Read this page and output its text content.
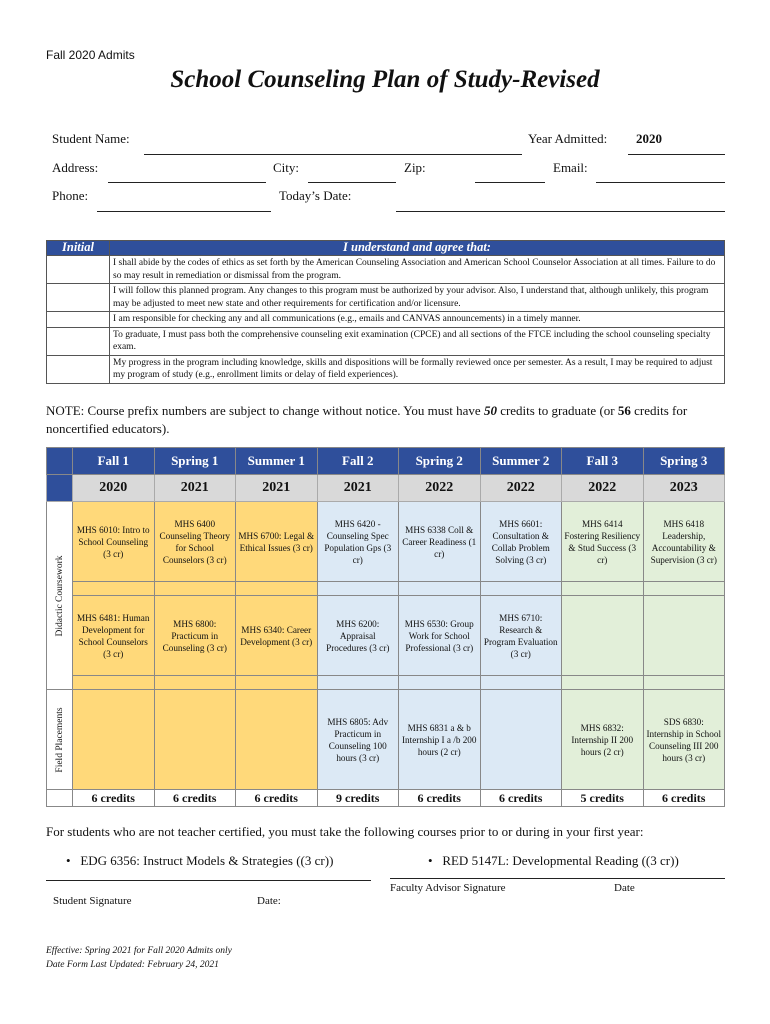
Fall 2020 Admits
School Counseling Plan of Study-Revised
Student Name:	Year Admitted: 2020
Address:	City:	Zip:	Email:
Phone:	Today’s Date:
Initial	I understand and agree that:
	I shall abide by the codes of ethics as set forth by the American Counseling Association and American School Counselor Association at all times. Failure to do so may result in remediation or dismissal from the program.
	I will follow this planned program. Any changes to this program must be authorized by your advisor. Also, I understand that, although unlikely, this program may be adjusted to meet new state and other requirements for certification and/or licensure.
	I am responsible for checking any and all communications (e.g., emails and CANVAS announcements) in a timely manner.
	To graduate, I must pass both the comprehensive counseling exit examination (CPCE) and all sections of the FTCE including the school counseling specialty exam.
	My progress in the program including knowledge, skills and dispositions will be formally reviewed once per semester. As a result, I may be required to adjust my program of study (e.g., enrollment limits or delay of field experiences).
NOTE: Course prefix numbers are subject to change without notice. You must have 50 credits to graduate (or 56 credits for noncertified educators).
	Fall 1	Spring 1	Summer 1	Fall 2	Spring 2	Summer 2	Fall 3	Spring 3
	2020	2021	2021	2021	2022	2022	2022	2023

Didactic Coursework	MHS 6010: Intro to School Counseling (3 cr)	MHS 6400 Counseling Theory for School Counselors (3 cr)	MHS 6700: Legal & Ethical Issues (3 cr)	MHS 6420 - Counseling Spec Population Gps (3 cr)	MHS 6338 Coll & Career Readiness (1 cr)	MHS 6601: Consultation & Collab Problem Solving (3 cr)	MHS 6414 Fostering Resiliency & Stud Success (3 cr)	MHS 6418 Leadership, Accountability & Supervision (3 cr)

	MHS 6481: Human Development for School Counselors (3 cr)	MHS 6800: Practicum in Counseling (3 cr)	MHS 6340: Career Development (3 cr)	MHS 6200: Appraisal Procedures (3 cr)	MHS 6530: Group Work for School Professional (3 cr)	MHS 6710: Research & Program Evaluation (3 cr)		

Field Placements				MHS 6805: Adv Practicum in Counseling 100 hours (3 cr)	MHS 6831 a & b Internship I a /b 200 hours (2 cr)		MHS 6832: Internship II 200 hours (2 cr)	SDS 6830: Internship in School Counseling III 200 hours (3 cr)
	6 credits	6 credits	6 credits	9 credits	6 credits	6 credits	5 credits	6 credits
For students who are not teacher certified, you must take the following courses prior to or during in your first year:
• EDG 6356: Instruct Models & Strategies ((3 cr))	• RED 5147L: Developmental Reading ((3 cr))
Student Signature	Date:
Faculty Advisor Signature	Date
Effective: Spring 2021 for Fall 2020 Admits only
Date Form Last Updated: February 24, 2021
